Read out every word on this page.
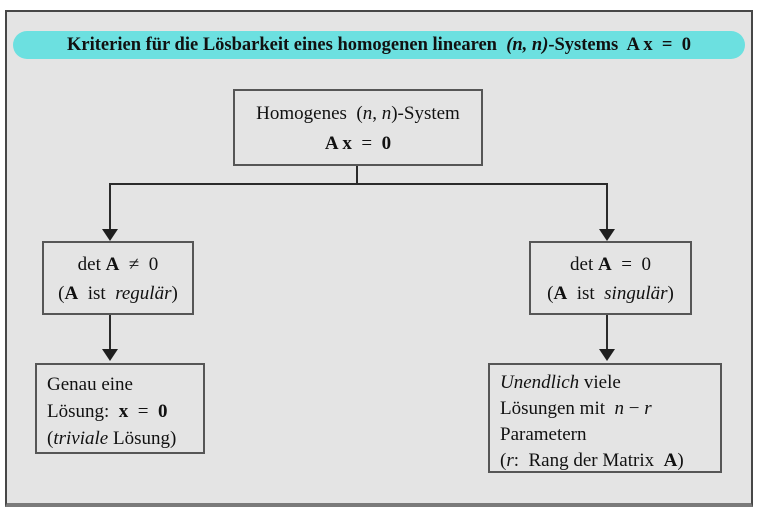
Kriterien für die Lösbarkeit eines homogenen linearen  (n, n)-Systems  A x  =  0
Homogenes  (n, n)-System
A x  =  0
det A  ≠  0
(A  ist  regulär)
det A  =  0
(A  ist  singulär)
Genau eine
Lösung:  x  =  0
(triviale Lösung)
Unendlich viele
Lösungen mit  n − r
Parametern
(r:  Rang der Matrix  A)
